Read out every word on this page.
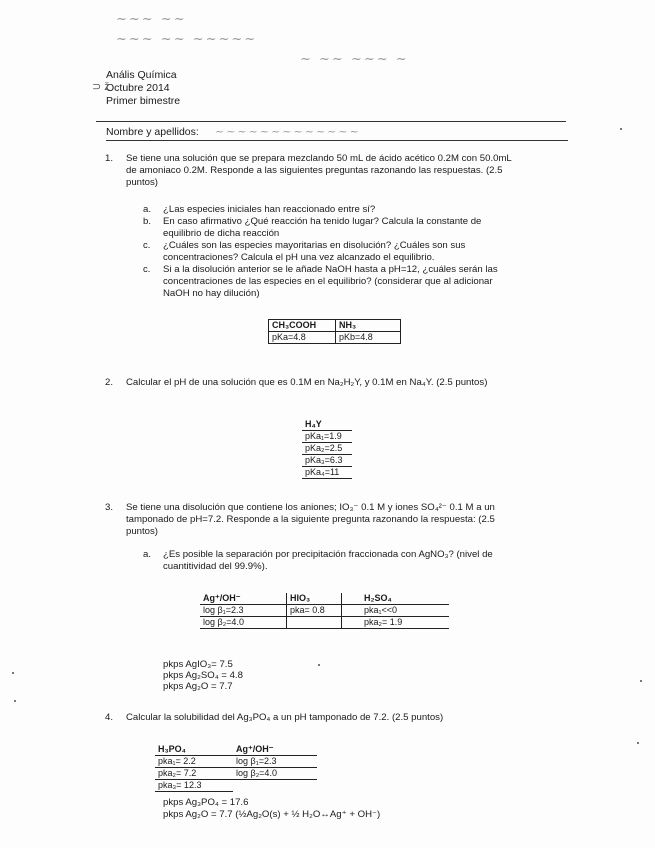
~~~ ~~
~~~ ~~ ~~~~~
~ ~~ ~~~ ~
~~~~~~~~~~~~~
Anális Química
Octubre 2014
Primer bimestre
⊃ ž
Nombre y apellidos:
1. Se tiene una solución que se prepara mezclando 50 mL de ácido acético 0.2M con 50.0mL
de amoniaco 0.2M. Responde a las siguientes preguntas razonando las respuestas. (2.5
puntos)
a. ¿Las especies iniciales han reaccionado entre sí?
b. En caso afirmativo ¿Qué reacción ha tenido lugar? Calcula la constante de
equilibrio de dicha reacción
c. ¿Cuáles son las especies mayoritarias en disolución? ¿Cuáles son sus
concentraciones? Calcula el pH una vez alcanzado el equilibrio.
c. Si a la disolución anterior se le añade NaOH hasta a pH=12, ¿cuáles serán las
concentraciones de las especies en el equilibrio? (considerar que al adicionar
NaOH no hay dilución)
CH₃COOH	NH₃
pKa=4.8	pKb=4.8
2. Calcular el pH de una solución que es 0.1M en Na₂H₂Y, y 0.1M en Na₄Y. (2.5 puntos)
H₄Y
pKa₁=1.9
pKa₂=2.5
pKa₃=6.3
pKa₄=11
3. Se tiene una disolución que contiene los aniones; IO₃⁻ 0.1 M y iones SO₄²⁻ 0.1 M a un
tamponado de pH=7.2. Responde a la siguiente pregunta razonando la respuesta: (2.5
puntos)
a. ¿Es posible la separación por precipitación fraccionada con AgNO₃? (nivel de
cuantitividad del 99.9%).
Ag⁺/OH⁻	HIO₃	H₂SO₄
log β₁=2.3	pka= 0.8	pka₁<<0
log β₂=4.0		pka₂= 1.9
pkps AgIO₃= 7.5
pkps Ag₂SO₄ = 4.8
pkps Ag₂O = 7.7
4. Calcular la solubilidad del Ag₃PO₄ a un pH tamponado de 7.2. (2.5 puntos)
H₃PO₄	Ag⁺/OH⁻
pka₁= 2.2	log β₁=2.3
pka₂= 7.2	log β₂=4.0
pka₃= 12.3	
pkps Ag₃PO₄ = 17.6
pkps Ag₂O = 7.7 (½Ag₂O(s) + ½ H₂O↔Ag⁺ + OH⁻)
